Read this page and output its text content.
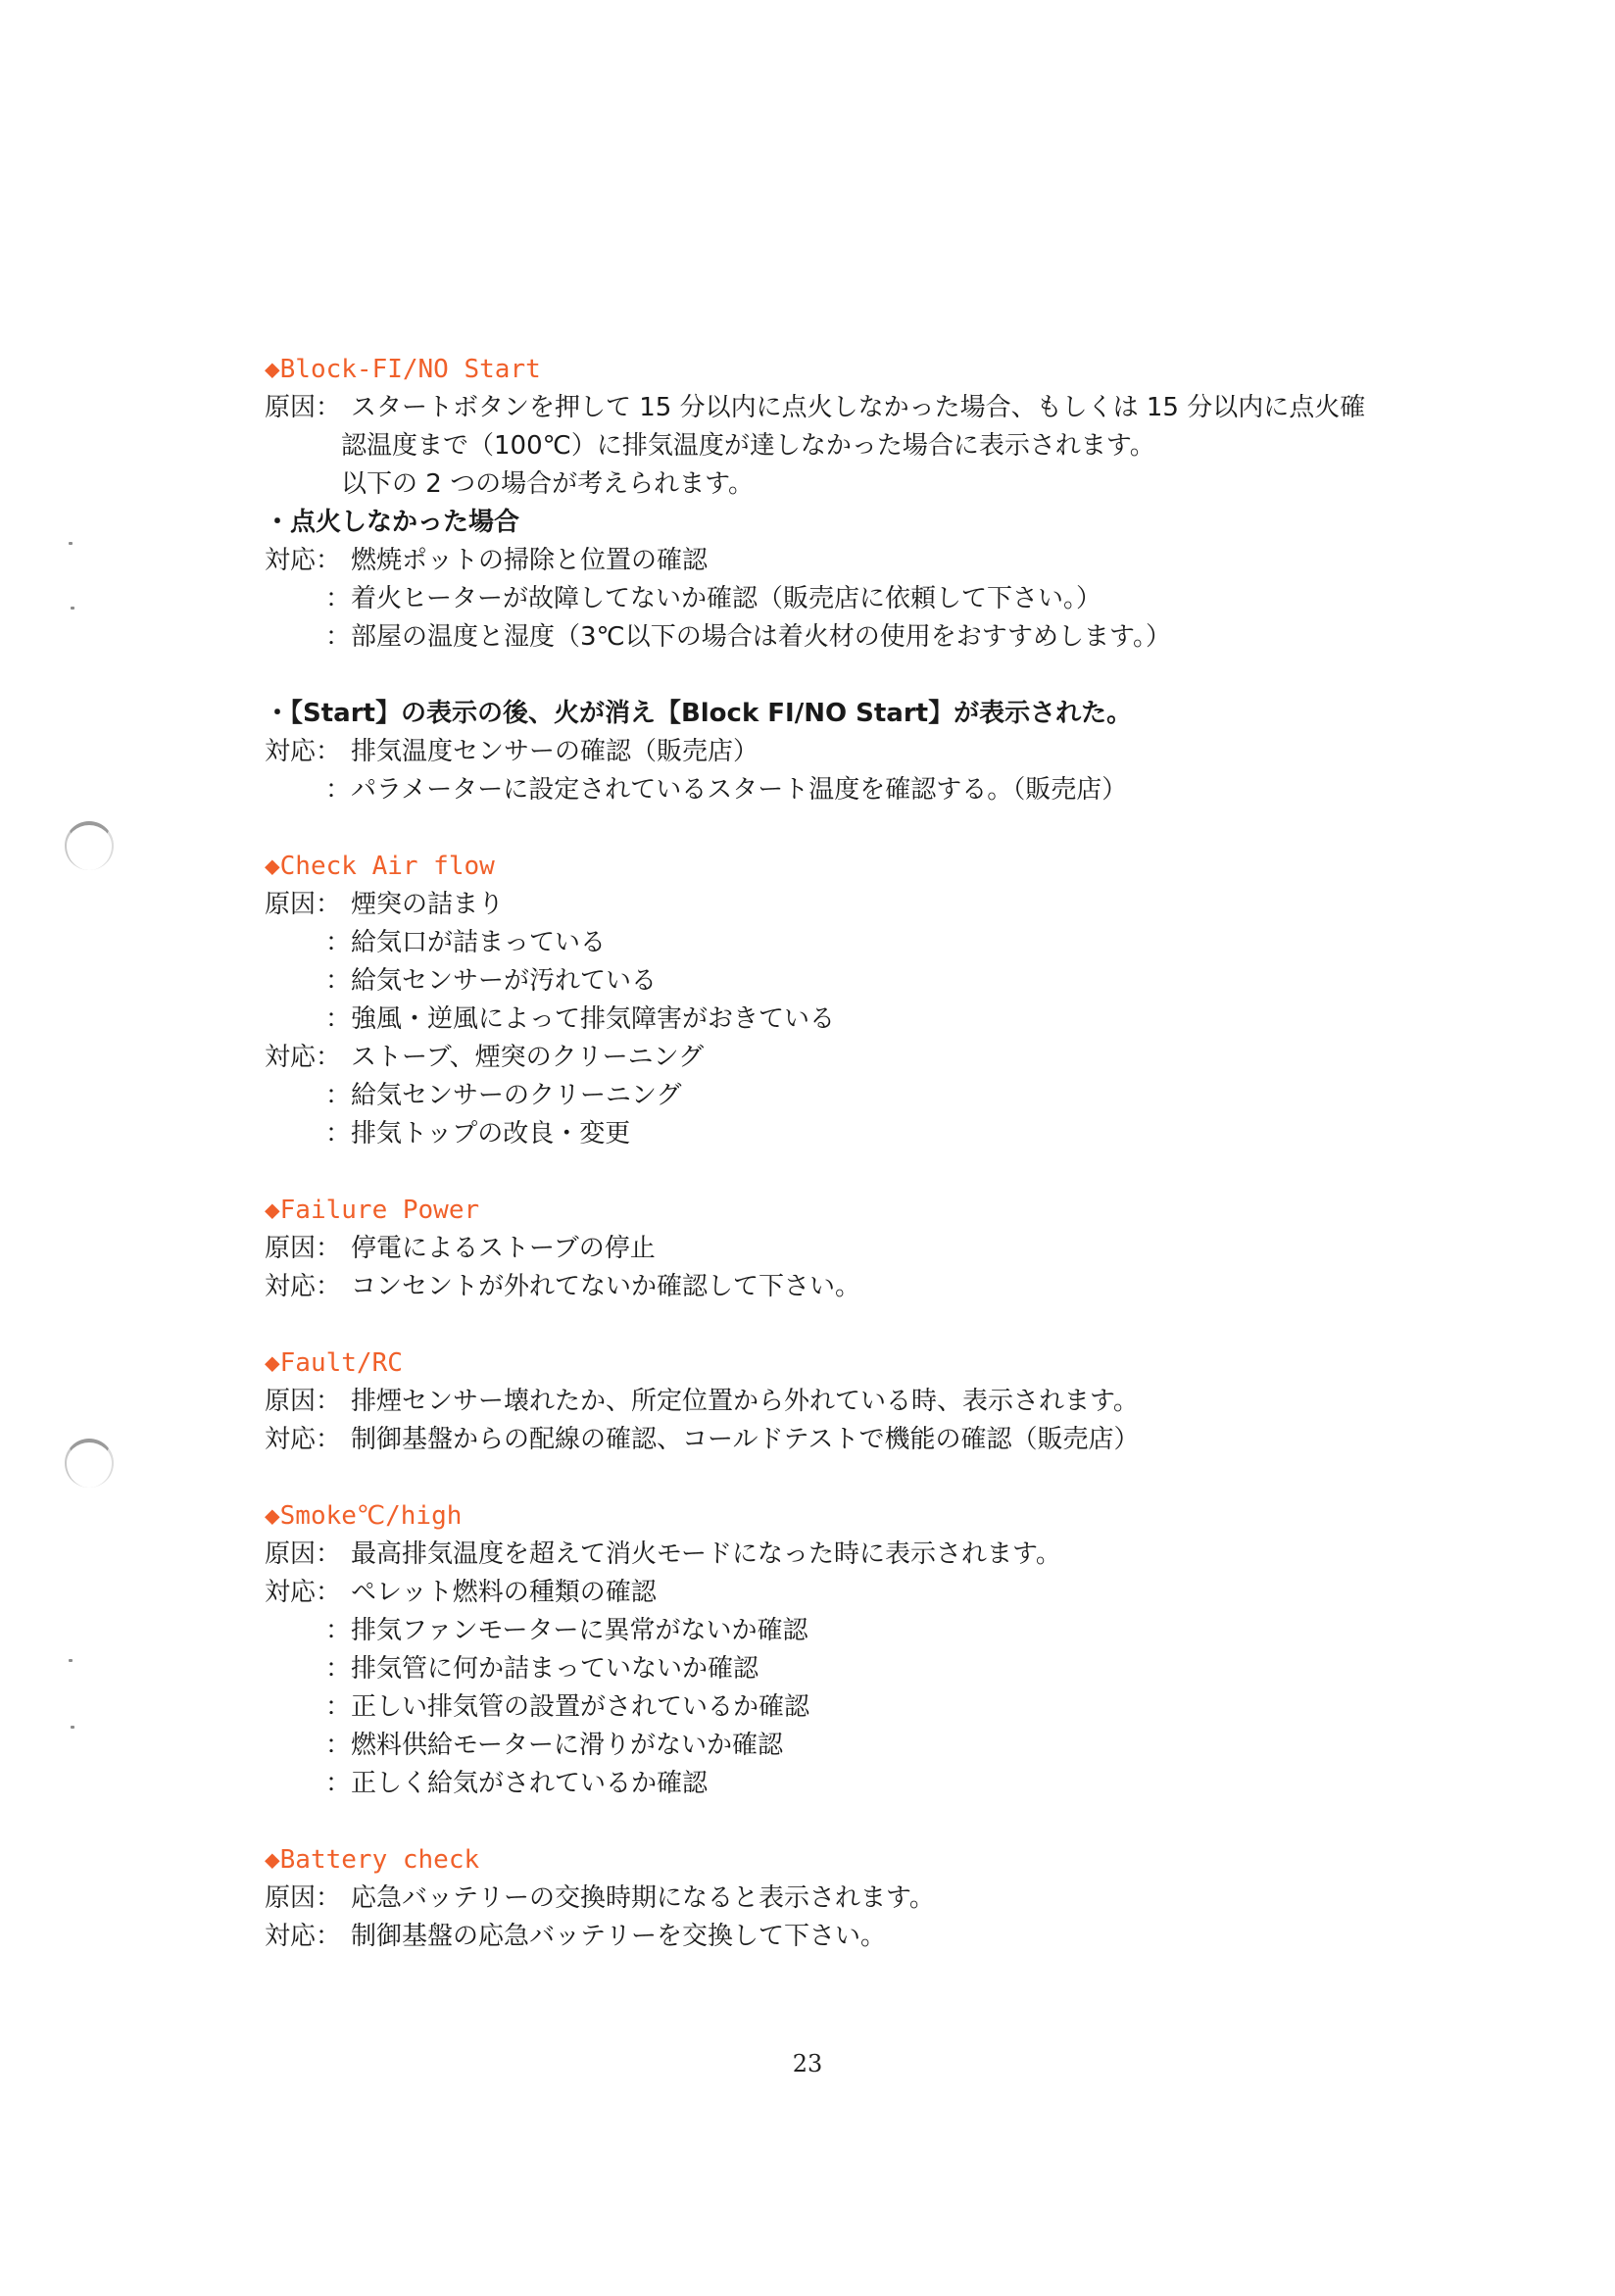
◆Block-FI/NO Start
原因： スタートボタンを押して 15 分以内に点火しなかった場合、もしくは 15 分以内に点火確
認温度まで（100℃）に排気温度が達しなかった場合に表示されます。
以下の 2 つの場合が考えられます。
・点火しなかった場合
対応： 燃焼ポットの掃除と位置の確認
：着火ヒーターが故障してないか確認（販売店に依頼して下さい。）
：部屋の温度と湿度（3℃以下の場合は着火材の使用をおすすめします。）
・【Start】の表示の後、火が消え【Block FI/NO Start】が表示された。
対応： 排気温度センサーの確認（販売店）
：パラメーターに設定されているスタート温度を確認する。（販売店）
◆Check Air flow
原因： 煙突の詰まり
：給気口が詰まっている
：給気センサーが汚れている
：強風・逆風によって排気障害がおきている
対応： ストーブ、煙突のクリーニング
：給気センサーのクリーニング
：排気トップの改良・変更
◆Failure Power
原因： 停電によるストーブの停止
対応： コンセントが外れてないか確認して下さい。
◆Fault/RC
原因： 排煙センサー壊れたか、所定位置から外れている時、表示されます。
対応： 制御基盤からの配線の確認、コールドテストで機能の確認（販売店）
◆Smoke℃/high
原因： 最高排気温度を超えて消火モードになった時に表示されます。
対応： ペレット燃料の種類の確認
：排気ファンモーターに異常がないか確認
：排気管に何か詰まっていないか確認
：正しい排気管の設置がされているか確認
：燃料供給モーターに滑りがないか確認
：正しく給気がされているか確認
◆Battery check
原因： 応急バッテリーの交換時期になると表示されます。
対応： 制御基盤の応急バッテリーを交換して下さい。
23
